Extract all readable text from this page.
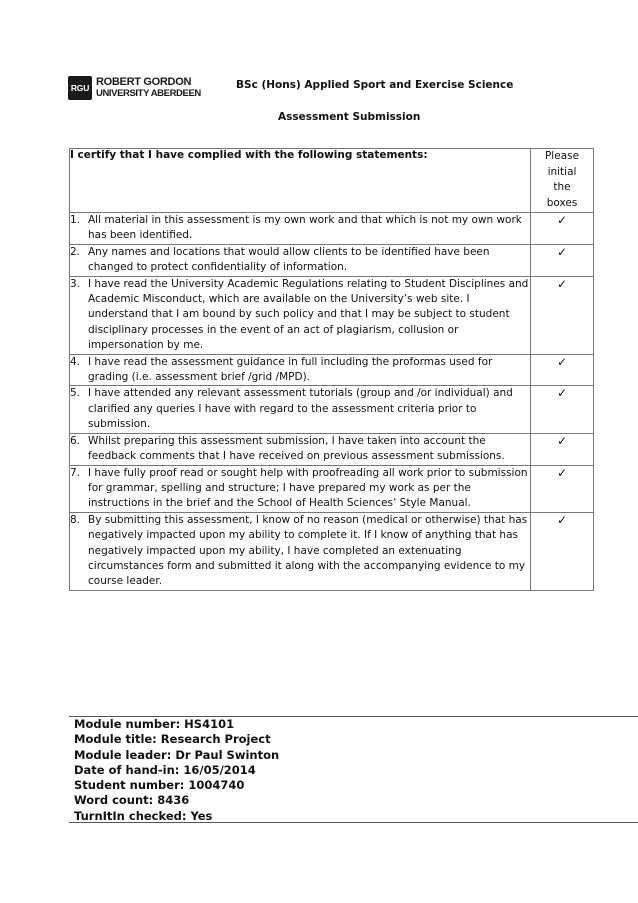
RGU ROBERT GORDON
UNIVERSITY ABERDEEN
BSc (Hons) Applied Sport and Exercise Science
Assessment Submission
I certify that I have complied with the following statements:	Please
initial
the
boxes

1. All material in this assessment is my own work and that which is not my own work has been identified.	✓

2. Any names and locations that would allow clients to be identified have been changed to protect confidentiality of information.	✓

3. I have read the University Academic Regulations relating to Student Disciplines and Academic Misconduct, which are available on the University’s web site. I understand that I am bound by such policy and that I may be subject to student disciplinary processes in the event of an act of plagiarism, collusion or impersonation by me.	✓

4. I have read the assessment guidance in full including the proformas used for grading (i.e. assessment brief /grid /MPD).	✓

5. I have attended any relevant assessment tutorials (group and /or individual) and clarified any queries I have with regard to the assessment criteria prior to submission.	✓

6. Whilst preparing this assessment submission, I have taken into account the feedback comments that I have received on previous assessment submissions.	✓

7. I have fully proof read or sought help with proofreading all work prior to submission for grammar, spelling and structure; I have prepared my work as per the instructions in the brief and the School of Health Sciences’ Style Manual.	✓

8. By submitting this assessment, I know of no reason (medical or otherwise) that has negatively impacted upon my ability to complete it. If I know of anything that has negatively impacted upon my ability, I have completed an extenuating circumstances form and submitted it along with the accompanying evidence to my course leader.	✓
Module number: HS4101
Module title: Research Project
Module leader: Dr Paul Swinton
Date of hand-in: 16/05/2014
Student number: 1004740
Word count: 8436
TurnItIn checked: Yes
